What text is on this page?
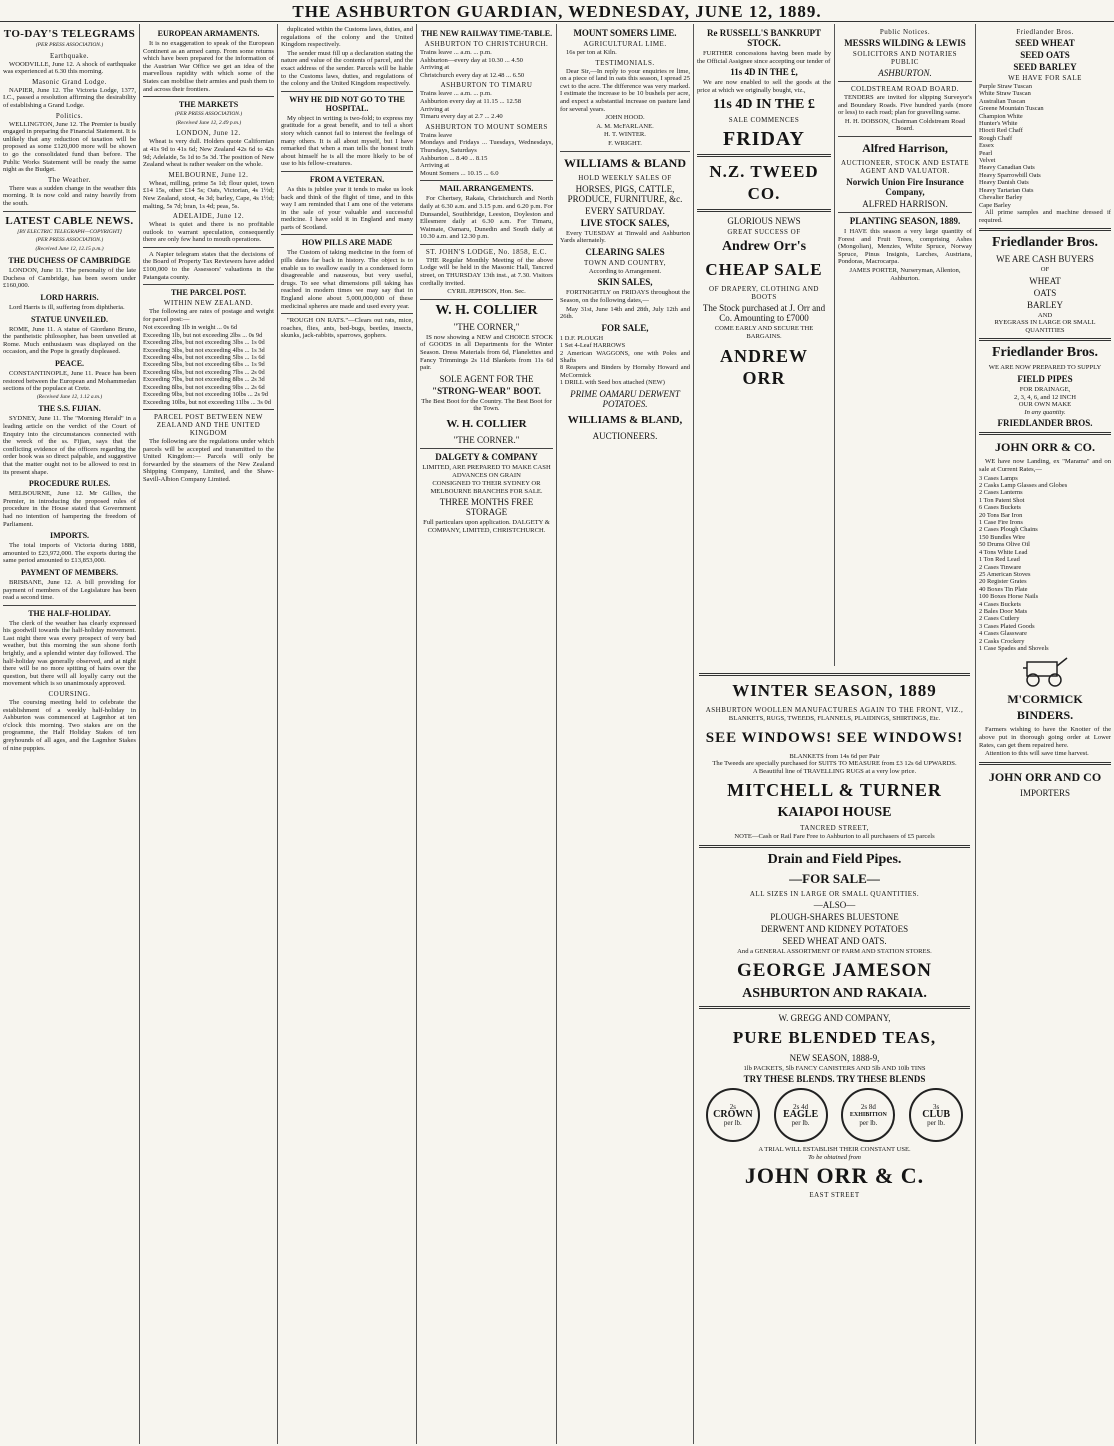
THE ASHBURTON GUARDIAN, WEDNESDAY, JUNE 12, 1889.
TO-DAY'S TELEGRAMS
(PER PRESS ASSOCIATION.)
Earthquake.

WOODVILLE, June 12. A shock of earthquake was experienced at 6.30 this morning.

Masonic Grand Lodge.

NAPIER, June 12. The Victoria Lodge, 1377, I.C., passed a resolution affirming the desirability of establishing a Grand Lodge.

Politics.

WELLINGTON, June 12. The Premier is busily engaged in preparing the Financial Statement. It is unlikely that any reduction of taxation will be proposed as some £120,000 more will be shown to go the consolidated fund than before. The Public Works Statement will be ready the same night as the Budget.

The Weather.

There was a sudden change in the weather this morning. It is now cold and rainy heavily from the south.

LATEST CABLE NEWS.
[BY ELECTRIC TELEGRAPH—COPYRIGHT]
(PER PRESS ASSOCIATION.)
(Received June 12, 12.15 p.m.)
THE DUCHESS OF CAMBRIDGE

LONDON, June 11. The personalty of the late Duchess of Cambridge, has been sworn under £160,000.

LORD HARRIS.

Lord Harris is ill, suffering from diphtheria.

STATUE UNVEILED.

ROME, June 11. A statue of Giordano Bruno, the pantheistic philosopher, has been unveiled at Rome. Much enthusiasm was displayed on the occasion, and the Pope is greatly displeased.

PEACE.

CONSTANTINOPLE, June 11. Peace has been restored between the European and Mohammedan sections of the populace at Crete.

(Received June 12, 1.12 a.m.)
THE S.S. FIJIAN.

SYDNEY, June 11. The "Morning Herald" in a leading article on the verdict of the Court of Enquiry into the circumstances connected with the wreck of the ss. Fijian, says that the conflicting evidence of the officers regarding the order book was so direct palpable, and suggestive that the matter ought not to be allowed to rest in its present shape.

PROCEDURE RULES.

MELBOURNE, June 12. Mr Gillies, the Premier, in introducing the proposed rules of procedure in the House stated that Government had no intention of hampering the freedom of Parliament.

IMPORTS.

The total imports of Victoria during 1888, amounted to £23,972,000. The exports during the same period amounted to £13,853,000.

PAYMENT OF MEMBERS.

BRISBANE, June 12. A bill providing for payment of members of the Legislature has been read a second time.

THE HALF-HOLIDAY.

The clerk of the weather has clearly expressed his goodwill towards the half-holiday movement. Last night there was every prospect of very bad weather, but this morning the sun shone forth brightly, and a splendid winter day followed. The half-holiday was generally observed, and at night there will be no more spitting of hairs over the question, but there will all loyally carry out the movement which is so unanimously approved.

COURSING.

The coursing meeting held to celebrate the establishment of a weekly half-holiday in Ashburton was commenced at Lagmhor at ten o'clock this morning. Two stakes are on the programme, the Half Holiday Stakes of ten greyhounds of all ages, and the Lagmhor Stakes of nine puppies.

EUROPEAN ARMAMENTS.

It is no exaggeration to speak of the European Continent as an armed camp. From some returns which have been prepared for the information of the Austrian War Office we get an idea of the marvellous rapidity with which some of the States can mobilise their armies and push them to and across their frontiers.

THE MARKETS
(PER PRESS ASSOCIATION.)
(Received June 12, 2.49 p.m.)
LONDON, June 12.

Wheat is very dull. Holders quote Californian at 41s 9d to 41s 6d; New Zealand 42s 6d to 42s 9d; Adelaide, 5s 1d to 5s 3d. The position of New Zealand wheat is rather weaker on the whole.

MELBOURNE, June 12.

Wheat, milling, prime 5s 1d; flour quiet, town £14 15s, other £14 5s; Oats, Victorian, 4s 1½d; New Zealand, stout, 4s 3d; barley, Cape, 4s 1½d; malting, 5s 7d; bran, 1s 4d; peas, 5s.

ADELAIDE, June 12.

Wheat is quiet and there is no profitable outlook to warrant speculation, consequently there are only few hand to mouth operations.

A Napier telegram states that the decisions of the Board of Property Tax Reviewers have added £100,000 to the Assessors' valuations in the Patangata county.

THE PARCEL POST.
WITHIN NEW ZEALAND.

The following are rates of postage and weight for parcel post:—

Not exceeding 1lb in weight ... 0s 6d
Exceeding 1lb, but not exceeding 2lbs ... 0s 9d
Exceeding 2lbs, but not exceeding 3lbs ... 1s 0d
Exceeding 3lbs, but not exceeding 4lbs ... 1s 3d
Exceeding 4lbs, but not exceeding 5lbs ... 1s 6d
Exceeding 5lbs, but not exceeding 6lbs ... 1s 9d
Exceeding 6lbs, but not exceeding 7lbs ... 2s 0d
Exceeding 7lbs, but not exceeding 8lbs ... 2s 3d
Exceeding 8lbs, but not exceeding 9lbs ... 2s 6d
Exceeding 9lbs, but not exceeding 10lbs ... 2s 9d
Exceeding 10lbs, but not exceeding 11lbs ... 3s 0d
PARCEL POST BETWEEN NEW ZEALAND AND THE UNITED KINGDOM

The following are the regulations under which parcels will be accepted and transmitted to the United Kingdom:— Parcels will only be forwarded by the steamers of the New Zealand Shipping Company, Limited, and the Shaw-Savill-Albion Company Limited.

duplicated within the Customs laws, duties, and regulations of the colony and the United Kingdom respectively.

The sender must fill up a declaration stating the nature and value of the contents of parcel, and the exact address of the sender. Parcels will be liable to the Customs laws, duties, and regulations of the colony and the United Kingdom respectively.

WHY HE DID NOT GO TO THE HOSPITAL.

My object in writing is two-fold; to express my gratitude for a great benefit, and to tell a short story which cannot fail to interest the feelings of many others. It is all about myself, but I have remarked that when a man tells the honest truth about himself he is all the more likely to be of use to his fellow-creatures.

FROM A VETERAN.

As this is jubilee year it tends to make us look back and think of the flight of time, and in this way I am reminded that I am one of the veterans in the sale of your valuable and successful medicine. I have sold it in England and many parts of Scotland.

HOW PILLS ARE MADE

The Custom of taking medicine in the form of pills dates far back in history. The object is to enable us to swallow easily in a condensed form disagreeable and nauseous, but very useful, drugs. To see what dimensions pill taking has reached in modern times we may say that in England alone about 5,000,000,000 of these medicinal spheres are made and used every year.

"ROUGH ON RATS."—Clears out rats, mice, roaches, flies, ants, bed-bugs, beetles, insects, skunks, jack-rabbits, sparrows, gophers.

THE NEW RAILWAY TIME-TABLE.
ASHBURTON TO CHRISTCHURCH.
Trains leave ... a.m. ... p.m.
Ashburton—every day at 10.30 ... 4.50
Arriving at
Christchurch every day at 12.48 ... 6.50
ASHBURTON TO TIMARU
Trains leave ... a.m. ... p.m.
Ashburton every day at 11.15 ... 12.58
Arriving at
Timaru every day at 2.7 ... 2.40
ASHBURTON TO MOUNT SOMERS
Trains leave
Mondays and Fridays ... Tuesdays, Wednesdays, Thursdays, Saturdays
Ashburton ... 8.40 ... 8.15
Arriving at
Mount Somers ... 10.15 ... 6.0
MAIL ARRANGEMENTS.

For Chertsey, Rakaia, Christchurch and North daily at 6.30 a.m. and 3.15 p.m. and 6.20 p.m. For Dunsandel, Southbridge, Leeston, Doyleston and Ellesmere daily at 6.30 a.m. For Timaru, Waimate, Oamaru, Dunedin and South daily at 10.30 a.m. and 12.30 p.m.

ST. JOHN'S LODGE, No. 1858, E.C.

THE Regular Monthly Meeting of the above Lodge will be held in the Masonic Hall, Tancred street, on THURSDAY 13th inst., at 7.30. Visitors cordially invited.

CYRIL JEPHSON, Hon. Sec.

W. H. COLLIER
"THE CORNER,"

IS now showing a NEW and CHOICE STOCK of GOODS in all Departments for the Winter Season. Dress Materials from 6d, Flanelettes and Fancy Trimmings 2s 11d Blankets from 11s 6d pair.

SOLE AGENT FOR THE
"STRONG-WEAR" BOOT.

The Best Boot for the Country. The Best Boot for the Town.

W. H. COLLIER
"THE CORNER."
DALGETY & COMPANY

LIMITED, ARE PREPARED TO MAKE CASH ADVANCES ON GRAIN

CONSIGNED TO THEIR SYDNEY OR MELBOURNE BRANCHES FOR SALE.

THREE MONTHS FREE STORAGE

Full particulars upon application. DALGETY & COMPANY, LIMITED, CHRISTCHURCH.

MOUNT SOMERS LIME.
AGRICULTURAL LIME.

16s per ton at Kiln.

TESTIMONIALS.

Dear Sir,—In reply to your enquiries re lime, on a piece of land in oats this season, I spread 25 cwt to the acre. The difference was very marked. I estimate the increase to be 10 bushels per acre, and expect a substantial increase on pasture land for several years.

JOHN HOOD.

A. M. McFARLANE.

H. T. WINTER.

F. WRIGHT.

WILLIAMS & BLAND
HOLD WEEKLY SALES OF
HORSES, PIGS, CATTLE, PRODUCE, FURNITURE, &c.
EVERY SATURDAY.
LIVE STOCK SALES,

Every TUESDAY at Tinwald and Ashburton Yards alternately.

CLEARING SALES
TOWN AND COUNTRY,

According to Arrangement.

SKIN SALES,

FORTNIGHTLY on FRIDAYS throughout the Season, on the following dates,—

May 31st, June 14th and 28th, July 12th and 26th.

FOR SALE,
1 D.F. PLOUGH
1 Set 4-Leaf HARROWS
2 American WAGGONS, one with Poles and Shafts
8 Reapers and Binders by Hornsby Howard and McCormick
1 DRILL with Seed box attached (NEW)
PRIME OAMARU DERWENT POTATOES.
WILLIAMS & BLAND,
AUCTIONEERS.
Re RUSSELL'S BANKRUPT STOCK.

FURTHER concessions having been made by the Official Assignee since accepting our tender of

11s 4D IN THE £,

We are now enabled to sell the goods at the price at which we originally bought, viz.,

11s 4D IN THE £
SALE COMMENCES
FRIDAY
N.Z. TWEED CO.
GLORIOUS NEWS
GREAT SUCCESS OF
Andrew Orr's
CHEAP SALE
OF DRAPERY, CLOTHING AND BOOTS
The Stock purchased at J. Orr and Co. Amounting to £7000

COME EARLY AND SECURE THE BARGAINS.

ANDREW ORR
Public Notices.
MESSRS WILDING & LEWIS
SOLICITORS AND NOTARIES PUBLIC
ASHBURTON.
COLDSTREAM ROAD BOARD.

TENDERS are invited for slipping Surveyor's and Boundary Roads. Five hundred yards (more or less) to each road; plan for gravelling same.

H. H. DOBSON, Chairman Coldstream Road Board.

Alfred Harrison,
AUCTIONEER, STOCK AND ESTATE AGENT AND VALUATOR.
Norwich Union Fire Insurance Company,
ALFRED HARRISON.
PLANTING SEASON, 1889.

I HAVE this season a very large quantity of Forest and Fruit Trees, comprising Ashes (Mongolian), Menzies, White Spruce, Norway Spruce, Pinus Insignis, Larches, Austrians, Pondoras, Macrocarpa.

JAMES PORTER, Nurseryman, Allenton, Ashburton.

WINTER SEASON, 1889
ASHBURTON WOOLLEN MANUFACTURES AGAIN TO THE FRONT, VIZ.,
BLANKETS, RUGS, TWEEDS, FLANNELS, PLAIDINGS, SHIRTINGS, Etc.
SEE WINDOWS! SEE WINDOWS!
BLANKETS from 14s 6d per Pair
The Tweeds are specially purchased for SUITS TO MEASURE from £3 12s 6d UPWARDS.
A Beautiful line of TRAVELLING RUGS at a very low price.
MITCHELL & TURNER
KAIAPOI HOUSE
TANCRED STREET,
NOTE—Cash or Rail Fare Free to Ashburton to all purchasers of £5 parcels
Drain and Field Pipes.
—FOR SALE—
ALL SIZES IN LARGE OR SMALL QUANTITIES.
—ALSO—
PLOUGH-SHARES BLUESTONE
DERWENT AND KIDNEY POTATOES
SEED WHEAT AND OATS.
And a GENERAL ASSORTMENT OF FARM AND STATION STORES.
GEORGE JAMESON
ASHBURTON AND RAKAIA.
W. GREGG AND COMPANY,
PURE BLENDED TEAS,
NEW SEASON, 1888-9,
1lb PACKETS, 5lb FANCY CANISTERS AND 5lb AND 10lb TINS
TRY THESE BLENDS. TRY THESE BLENDS
2s
CROWN
per lb.
2s 4d
EAGLE
per lb.
2s 8d
EXHIBITION
per lb.
3s
CLUB
per lb.
A TRIAL WILL ESTABLISH THEIR CONSTANT USE.
To be obtained from
JOHN ORR & C.
EAST STREET
Friedlander Bros.
SEED WHEAT
SEED OATS
SEED BARLEY
WE HAVE FOR SALE
Purple Straw Tuscan
White Straw Tuscan
Australian Tuscan
Greene Mountain Tuscan
Champion White
Hunter's White
Hiocti Red Chaff
Rough Chaff
Essex
Pearl
Velvet
Heavy Canadian Oats
Heavy Sparrowbill Oats
Heavy Danish Oats
Heavy Tartarian Oats
Chevalier Barley
Cape Barley

All prime samples and machine dressed if required.

Friedlander Bros.
WE ARE CASH BUYERS
OF
WHEAT
OATS
BARLEY
AND
RYEGRASS IN LARGE OR SMALL QUANTITIES
Friedlander Bros.
WE ARE NOW PREPARED TO SUPPLY
FIELD PIPES
FOR DRAINAGE,
2, 3, 4, 6, and 12 INCH
OUR OWN MAKE
In any quantity.
FRIEDLANDER BROS.
JOHN ORR & CO.

WE have now Landing, ex "Marama" and on sale at Current Rates,—

3 Cases Lamps
2 Casks Lamp Glasses and Globes
2 Cases Lanterns
1 Ton Patent Shot
6 Cases Buckets
20 Tons Bar Iron
1 Case Fire Irons
2 Cases Plough Chains
150 Bundles Wire
50 Drums Olive Oil
4 Tons White Lead
1 Ton Red Lead
2 Cases Tinware
25 American Stoves
20 Register Grates
40 Boxes Tin Plate
100 Boxes Horse Nails
4 Cases Buckets
2 Bales Door Mats
2 Cases Cutlery
3 Cases Plated Goods
4 Cases Glassware
2 Casks Crockery
1 Case Spades and Shovels
M'CORMICK BINDERS.

Farmers wishing to have the Knotter of the above put in thorough going order at Lower Rates, can get them repaired here.

Attention to this will save time harvest.

JOHN ORR AND CO
IMPORTERS
